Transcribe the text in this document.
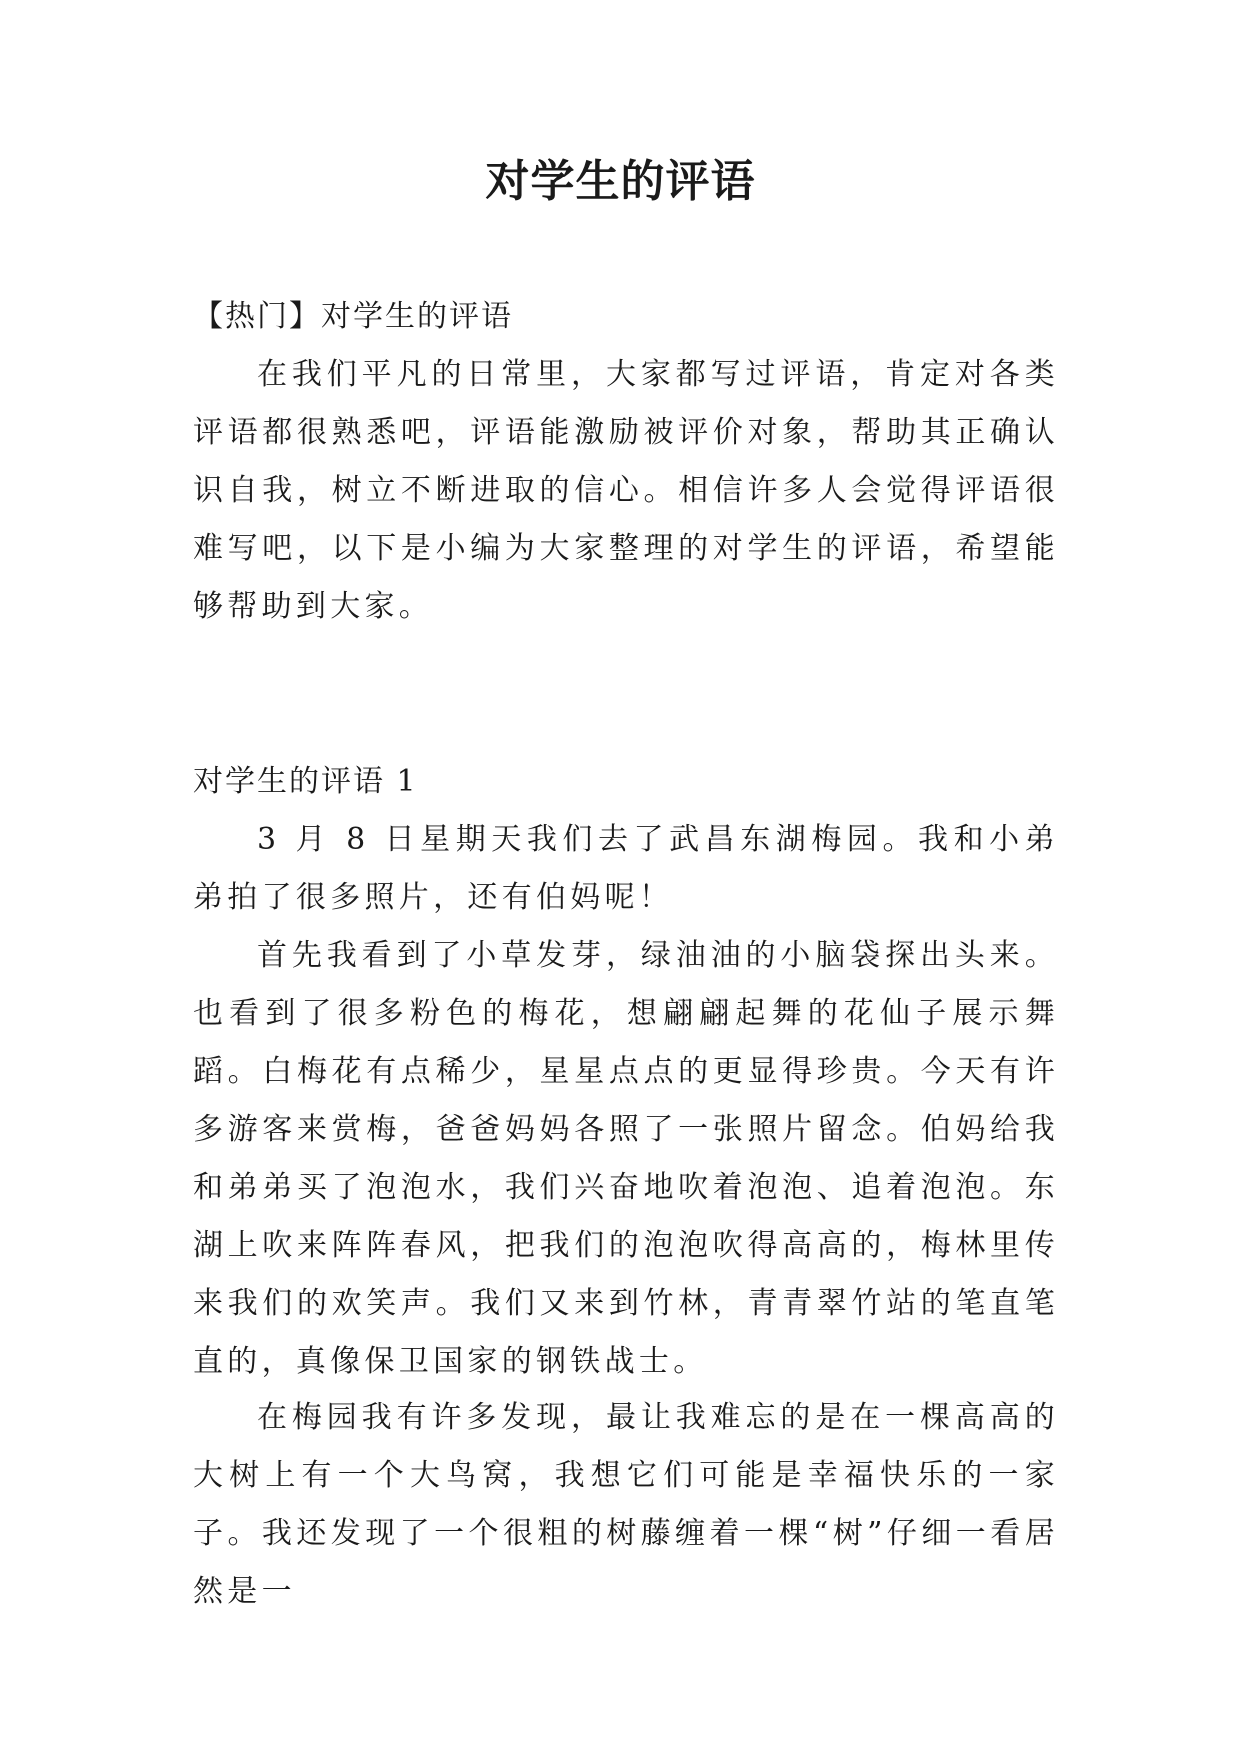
对学生的评语

【热门】对学生的评语

在我们平凡的日常里，大家都写过评语，肯定对各类评语都很熟悉吧，评语能激励被评价对象，帮助其正确认识自我，树立不断进取的信心。相信许多人会觉得评语很难写吧，以下是小编为大家整理的对学生的评语，希望能够帮助到大家。

对学生的评语 1

3 月 8 日星期天我们去了武昌东湖梅园。我和小弟弟拍了很多照片，还有伯妈呢！

首先我看到了小草发芽，绿油油的小脑袋探出头来。也看到了很多粉色的梅花，想翩翩起舞的花仙子展示舞蹈。白梅花有点稀少，星星点点的更显得珍贵。今天有许多游客来赏梅，爸爸妈妈各照了一张照片留念。伯妈给我和弟弟买了泡泡水，我们兴奋地吹着泡泡、追着泡泡。东湖上吹来阵阵春风，把我们的泡泡吹得高高的，梅林里传来我们的欢笑声。我们又来到竹林，青青翠竹站的笔直笔直的，真像保卫国家的钢铁战士。

在梅园我有许多发现，最让我难忘的是在一棵高高的大树上有一个大鸟窝，我想它们可能是幸福快乐的一家子。我还发现了一个很粗的树藤缠着一棵“树”仔细一看居然是一
